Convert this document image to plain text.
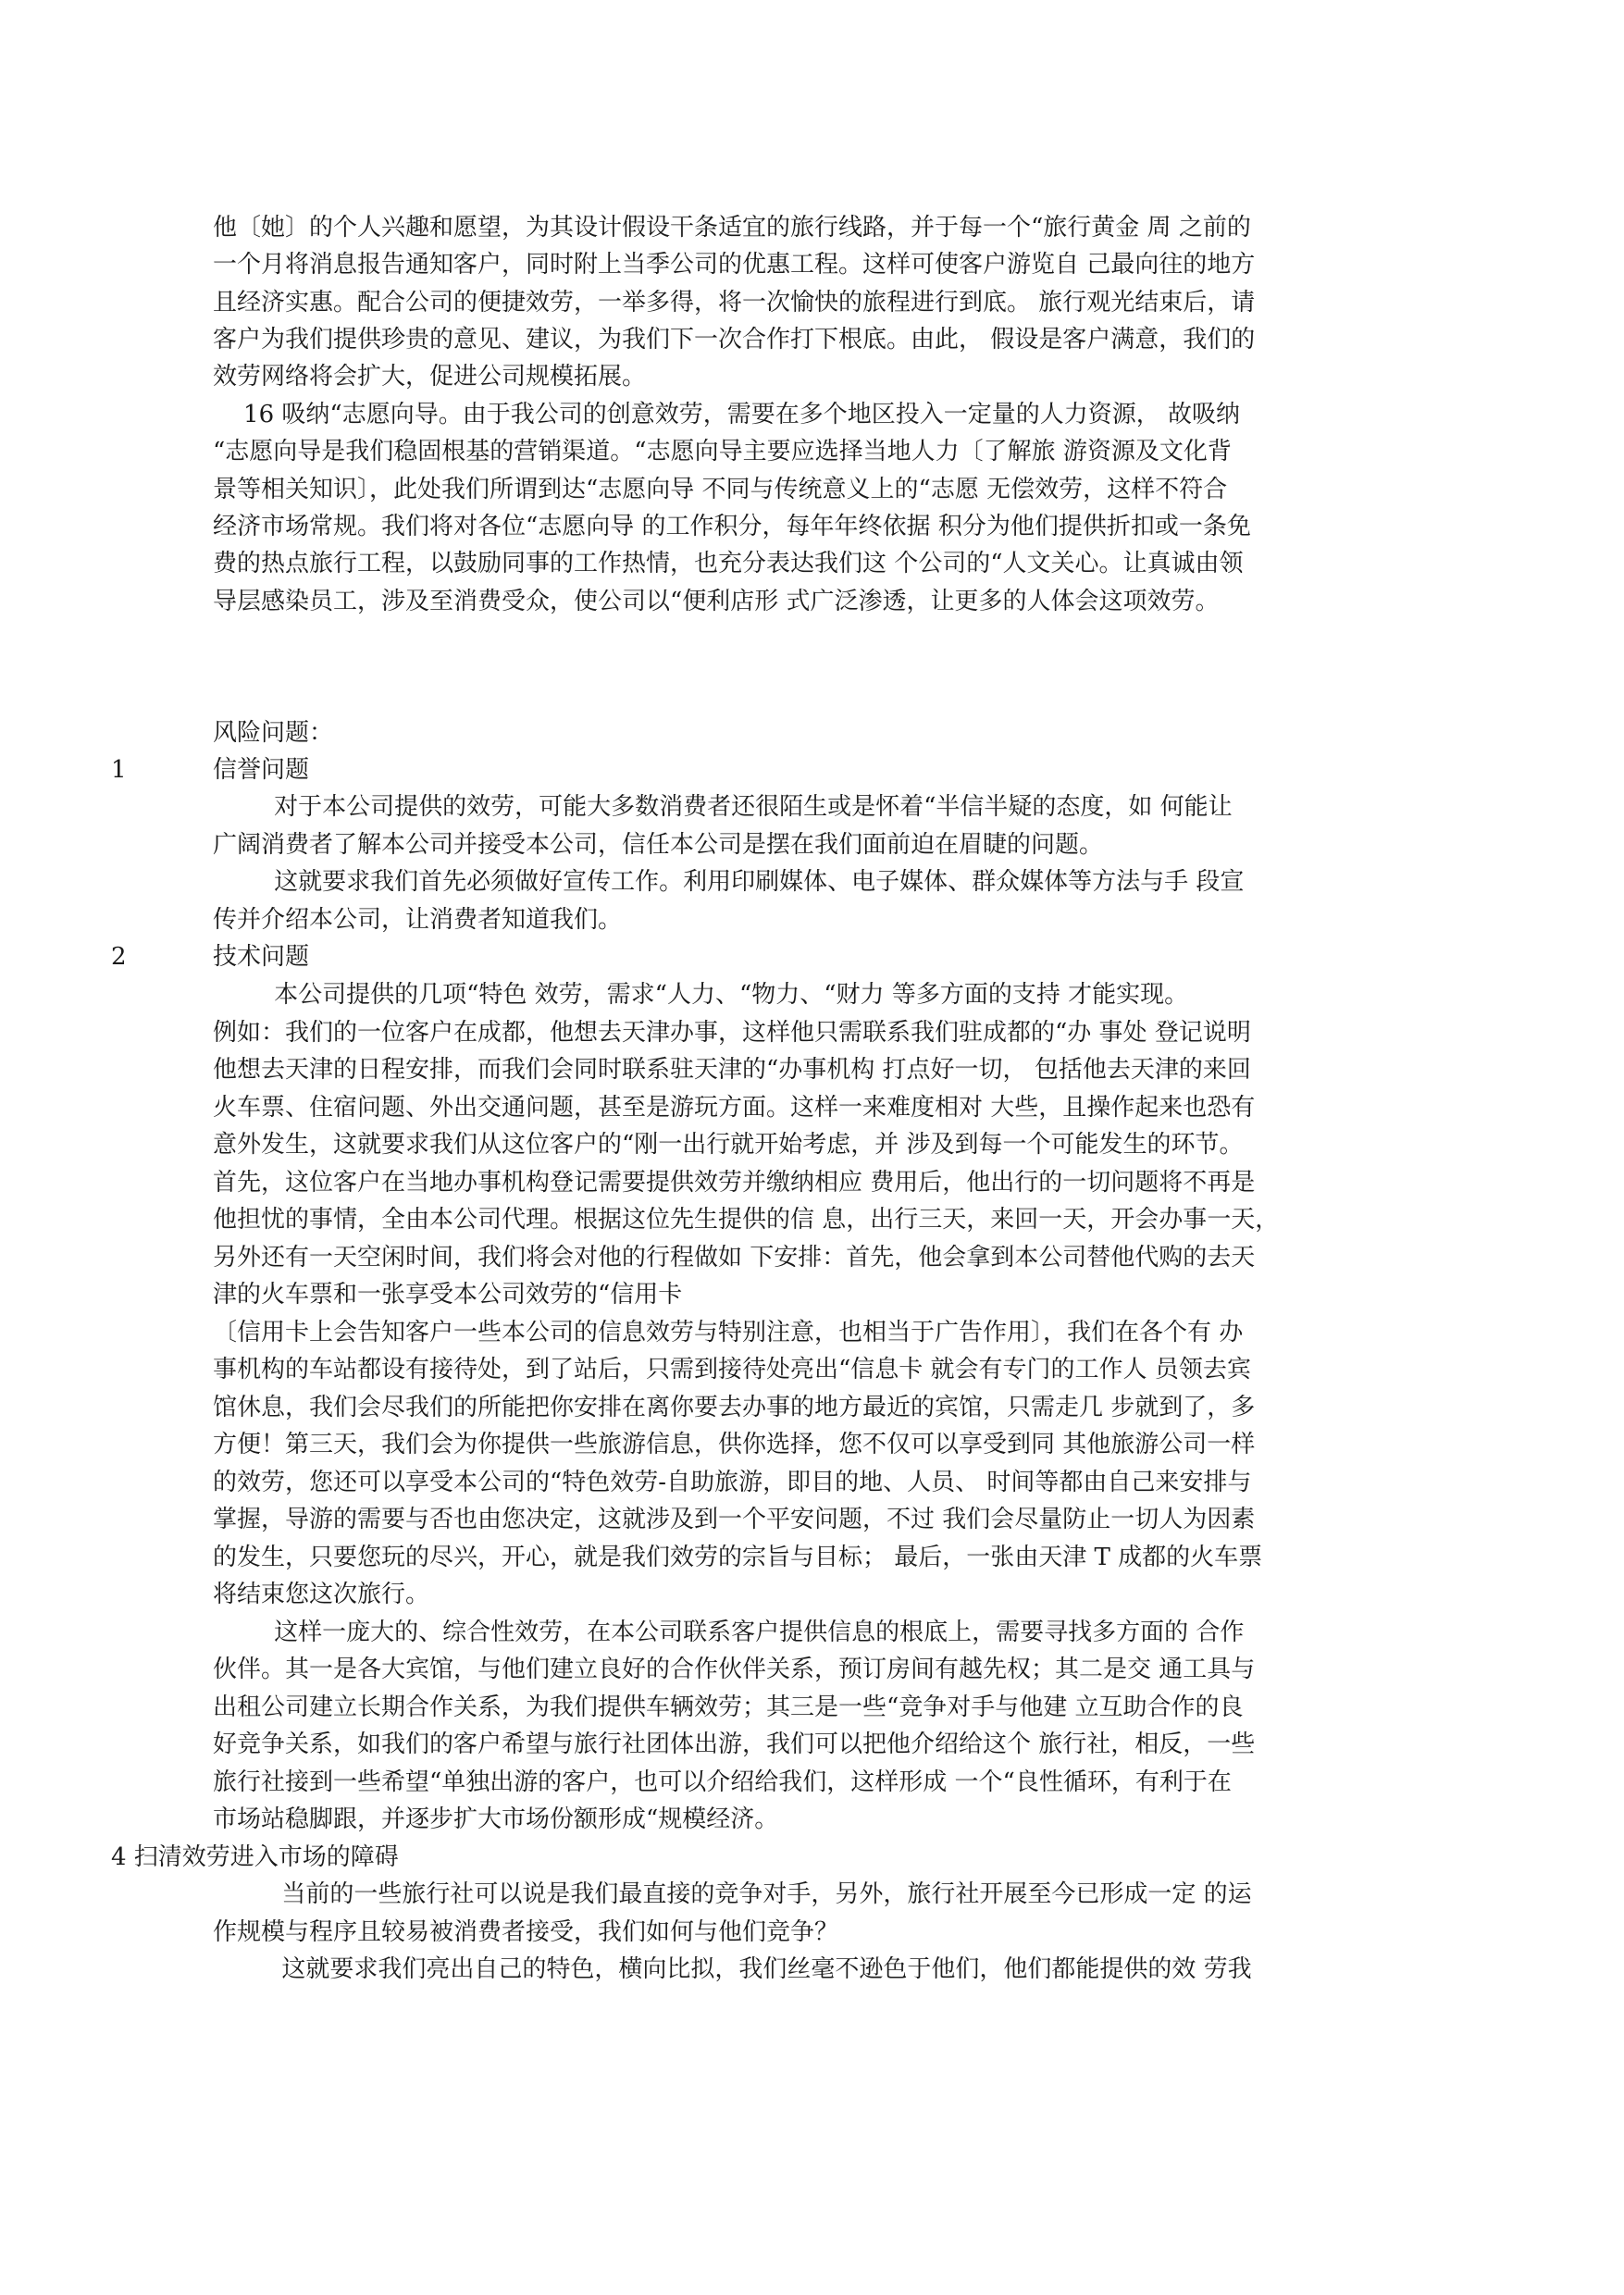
他〔她〕的个人兴趣和愿望，为其设计假设干条适宜的旅行线路，并于每一个“旅行黄金 周 之前的
一个月将消息报告通知客户，同时附上当季公司的优惠工程。这样可使客户游览自 己最向往的地方
且经济实惠。配合公司的便捷效劳，一举多得，将一次愉快的旅程进行到底。 旅行观光结束后，请
客户为我们提供珍贵的意见、建议，为我们下一次合作打下根底。由此， 假设是客户满意，我们的
效劳网络将会扩大，促进公司规模拓展。
16 吸纳“志愿向导。由于我公司的创意效劳，需要在多个地区投入一定量的人力资源， 故吸纳
“志愿向导是我们稳固根基的营销渠道。“志愿向导主要应选择当地人力〔了解旅 游资源及文化背
景等相关知识〕，此处我们所谓到达“志愿向导 不同与传统意义上的“志愿 无偿效劳，这样不符合
经济市场常规。我们将对各位“志愿向导 的工作积分，每年年终依据 积分为他们提供折扣或一条免
费的热点旅行工程，以鼓励同事的工作热情，也充分表达我们这 个公司的“人文关心。让真诚由领
导层感染员工，涉及至消费受众，使公司以“便利店形 式广泛渗透，让更多的人体会这项效劳。
风险问题：
1	信誉问题
对于本公司提供的效劳，可能大多数消费者还很陌生或是怀着“半信半疑的态度，如 何能让
广阔消费者了解本公司并接受本公司，信任本公司是摆在我们面前迫在眉睫的问题。
这就要求我们首先必须做好宣传工作。利用印刷媒体、电子媒体、群众媒体等方法与手 段宣
传并介绍本公司，让消费者知道我们。
2	技术问题
本公司提供的几项“特色 效劳，需求“人力、“物力、“财力 等多方面的支持 才能实现。
例如：我们的一位客户在成都，他想去天津办事，这样他只需联系我们驻成都的“办 事处 登记说明
他想去天津的日程安排，而我们会同时联系驻天津的“办事机构 打点好一切， 包括他去天津的来回
火车票、住宿问题、外出交通问题，甚至是游玩方面。这样一来难度相对 大些，且操作起来也恐有
意外发生，这就要求我们从这位客户的“刚一出行就开始考虑，并 涉及到每一个可能发生的环节。
首先，这位客户在当地办事机构登记需要提供效劳并缴纳相应 费用后，他出行的一切问题将不再是
他担忧的事情，全由本公司代理。根据这位先生提供的信 息，出行三天，来回一天，开会办事一天，
另外还有一天空闲时间，我们将会对他的行程做如 下安排：首先，他会拿到本公司替他代购的去天
津的火车票和一张享受本公司效劳的“信用卡
〔信用卡上会告知客户一些本公司的信息效劳与特别注意，也相当于广告作用〕，我们在各个有 办
事机构的车站都设有接待处，到了站后，只需到接待处亮出“信息卡 就会有专门的工作人 员领去宾
馆休息，我们会尽我们的所能把你安排在离你要去办事的地方最近的宾馆，只需走几 步就到了，多
方便！第三天，我们会为你提供一些旅游信息，供你选择，您不仅可以享受到同 其他旅游公司一样
的效劳，您还可以享受本公司的“特色效劳-自助旅游，即目的地、人员、 时间等都由自己来安排与
掌握，导游的需要与否也由您决定，这就涉及到一个平安问题，不过 我们会尽量防止一切人为因素
的发生，只要您玩的尽兴，开心，就是我们效劳的宗旨与目标； 最后，一张由天津 T 成都的火车票
将结束您这次旅行。
这样一庞大的、综合性效劳，在本公司联系客户提供信息的根底上，需要寻找多方面的 合作
伙伴。其一是各大宾馆，与他们建立良好的合作伙伴关系，预订房间有越先权；其二是交 通工具与
出租公司建立长期合作关系，为我们提供车辆效劳；其三是一些“竞争对手与他建 立互助合作的良
好竞争关系，如我们的客户希望与旅行社团体出游，我们可以把他介绍给这个 旅行社，相反，一些
旅行社接到一些希望“单独出游的客户，也可以介绍给我们，这样形成 一个“良性循环，有利于在
市场站稳脚跟，并逐步扩大市场份额形成“规模经济。
4 扫清效劳进入市场的障碍
当前的一些旅行社可以说是我们最直接的竞争对手，另外，旅行社开展至今已形成一定 的运
作规模与程序且较易被消费者接受，我们如何与他们竞争？
这就要求我们亮出自己的特色，横向比拟，我们丝毫不逊色于他们，他们都能提供的效 劳我
